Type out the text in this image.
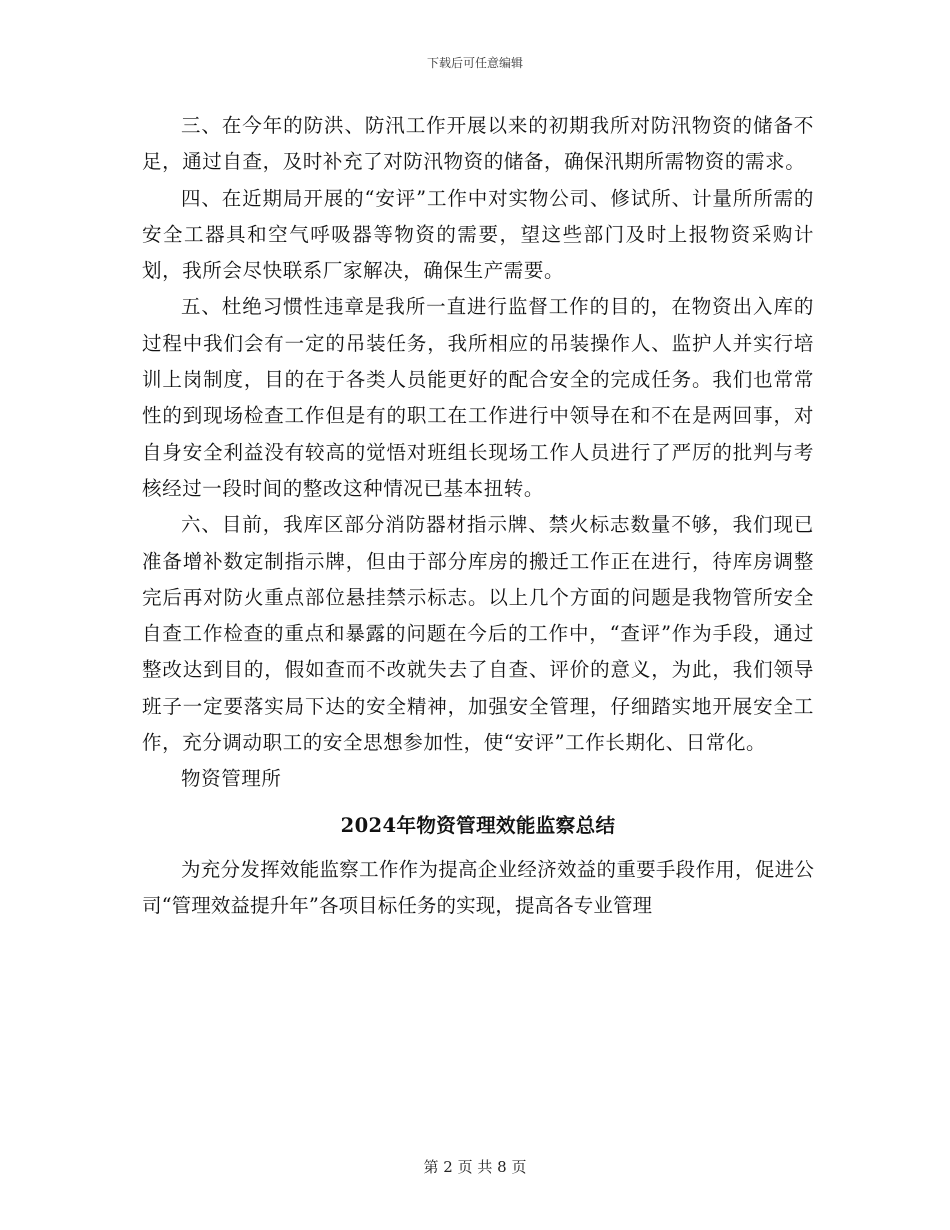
下载后可任意编辑

三、在今年的防洪、防汛工作开展以来的初期我所对防汛物资的储备不足，通过自查，及时补充了对防汛物资的储备，确保汛期所需物资的需求。

四、在近期局开展的“安评”工作中对实物公司、修试所、计量所所需的安全工器具和空气呼吸器等物资的需要，望这些部门及时上报物资采购计划，我所会尽快联系厂家解决，确保生产需要。

五、杜绝习惯性违章是我所一直进行监督工作的目的，在物资出入库的过程中我们会有一定的吊装任务，我所相应的吊装操作人、监护人并实行培训上岗制度，目的在于各类人员能更好的配合安全的完成任务。我们也常常性的到现场检查工作但是有的职工在工作进行中领导在和不在是两回事，对自身安全利益没有较高的觉悟对班组长现场工作人员进行了严厉的批判与考核经过一段时间的整改这种情况已基本扭转。

六、目前，我库区部分消防器材指示牌、禁火标志数量不够，我们现已准备增补数定制指示牌，但由于部分库房的搬迁工作正在进行，待库房调整完后再对防火重点部位悬挂禁示标志。以上几个方面的问题是我物管所安全自查工作检查的重点和暴露的问题在今后的工作中，“查评”作为手段，通过整改达到目的，假如查而不改就失去了自查、评价的意义，为此，我们领导班子一定要落实局下达的安全精神，加强安全管理，仔细踏实地开展安全工作，充分调动职工的安全思想参加性，使“安评”工作长期化、日常化。

物资管理所

2024年物资管理效能监察总结

为充分发挥效能监察工作作为提高企业经济效益的重要手段作用，促进公司“管理效益提升年”各项目标任务的实现，提高各专业管理

第 2 页 共 8 页
